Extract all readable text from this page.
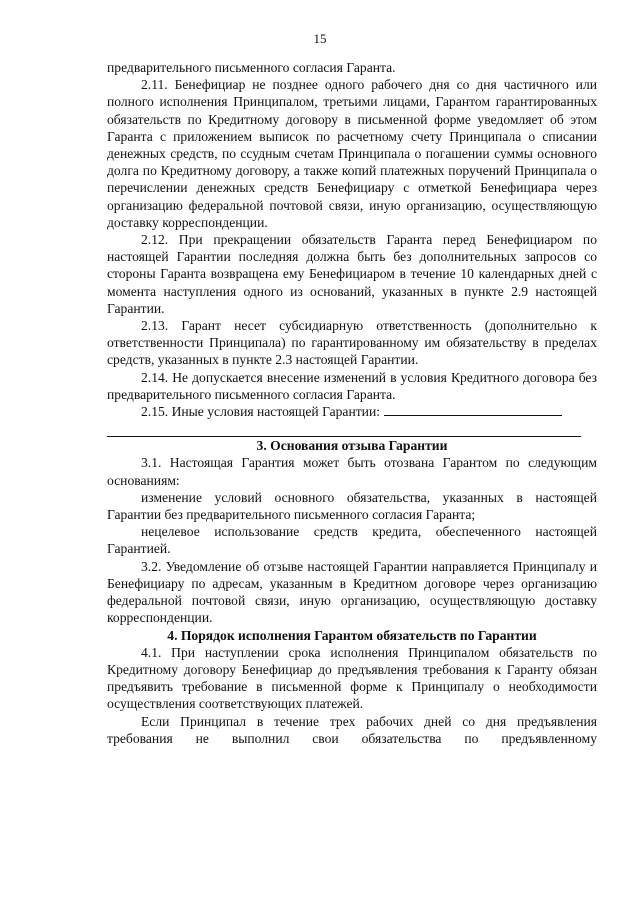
15

предварительного письменного согласия Гаранта.

2.11. Бенефициар не позднее одного рабочего дня со дня частичного или полного исполнения Принципалом, третьими лицами, Гарантом гарантированных обязательств по Кредитному договору в письменной форме уведомляет об этом Гаранта с приложением выписок по расчетному счету Принципала о списании денежных средств, по ссудным счетам Принципала о погашении суммы основного долга по Кредитному договору, а также копий платежных поручений Принципала о перечислении денежных средств Бенефициару с отметкой Бенефициара через организацию федеральной почтовой связи, иную организацию, осуществляющую доставку корреспонденции.

2.12. При прекращении обязательств Гаранта перед Бенефициаром по настоящей Гарантии последняя должна быть без дополнительных запросов со стороны Гаранта возвращена ему Бенефициаром в течение 10 календарных дней с момента наступления одного из оснований, указанных в пункте 2.9 настоящей Гарантии.

2.13. Гарант несет субсидиарную ответственность (дополнительно к ответственности Принципала) по гарантированному им обязательству в пределах средств, указанных в пункте 2.3 настоящей Гарантии.

2.14. Не допускается внесение изменений в условия Кредитного договора без предварительного письменного согласия Гаранта.

2.15. Иные условия настоящей Гарантии:

3. Основания отзыва Гарантии

3.1. Настоящая Гарантия может быть отозвана Гарантом по следующим основаниям:

изменение условий основного обязательства, указанных в настоящей Гарантии без предварительного письменного согласия Гаранта;

нецелевое использование средств кредита, обеспеченного настоящей Гарантией.

3.2. Уведомление об отзыве настоящей Гарантии направляется Принципалу и Бенефициару по адресам, указанным в Кредитном договоре через организацию федеральной почтовой связи, иную организацию, осуществляющую доставку корреспонденции.

4. Порядок исполнения Гарантом обязательств по Гарантии

4.1. При наступлении срока исполнения Принципалом обязательств по Кредитному договору Бенефициар до предъявления требования к Гаранту обязан предъявить требование в письменной форме к Принципалу о необходимости осуществления соответствующих платежей.

Если Принципал в течение трех рабочих дней со дня предъявления требования не выполнил свои обязательства по предъявленному
